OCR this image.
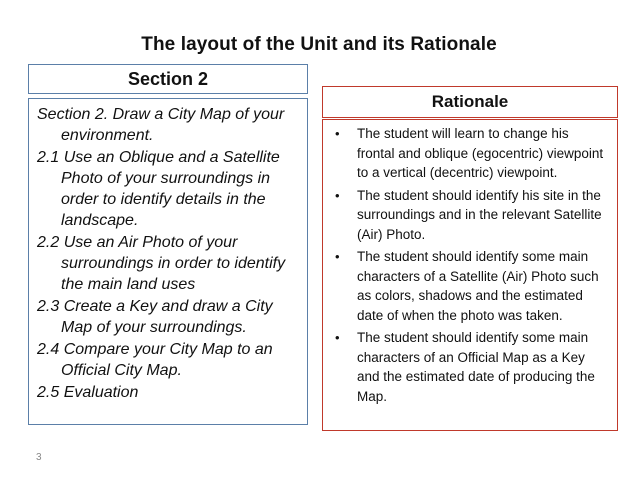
The layout of the Unit and its Rationale
Section 2
Section 2. Draw a City Map of your environment.
2.1 Use an Oblique and a Satellite Photo of your surroundings in order to identify details in the landscape.
2.2 Use an Air Photo of your surroundings in order to identify the main land uses
2.3 Create a Key and draw a City Map of your surroundings.
2.4 Compare your City Map to an Official City Map.
2.5 Evaluation
Rationale
• The student will learn to change his frontal and oblique (egocentric) viewpoint to a vertical (decentric) viewpoint.
• The student should identify his site in the surroundings and in the relevant Satellite (Air) Photo.
• The student should identify some main characters of a Satellite (Air) Photo such as colors, shadows and the estimated date of when the photo was taken.
• The student should identify some main characters of an Official Map as a Key and the estimated date of producing the Map.
3
